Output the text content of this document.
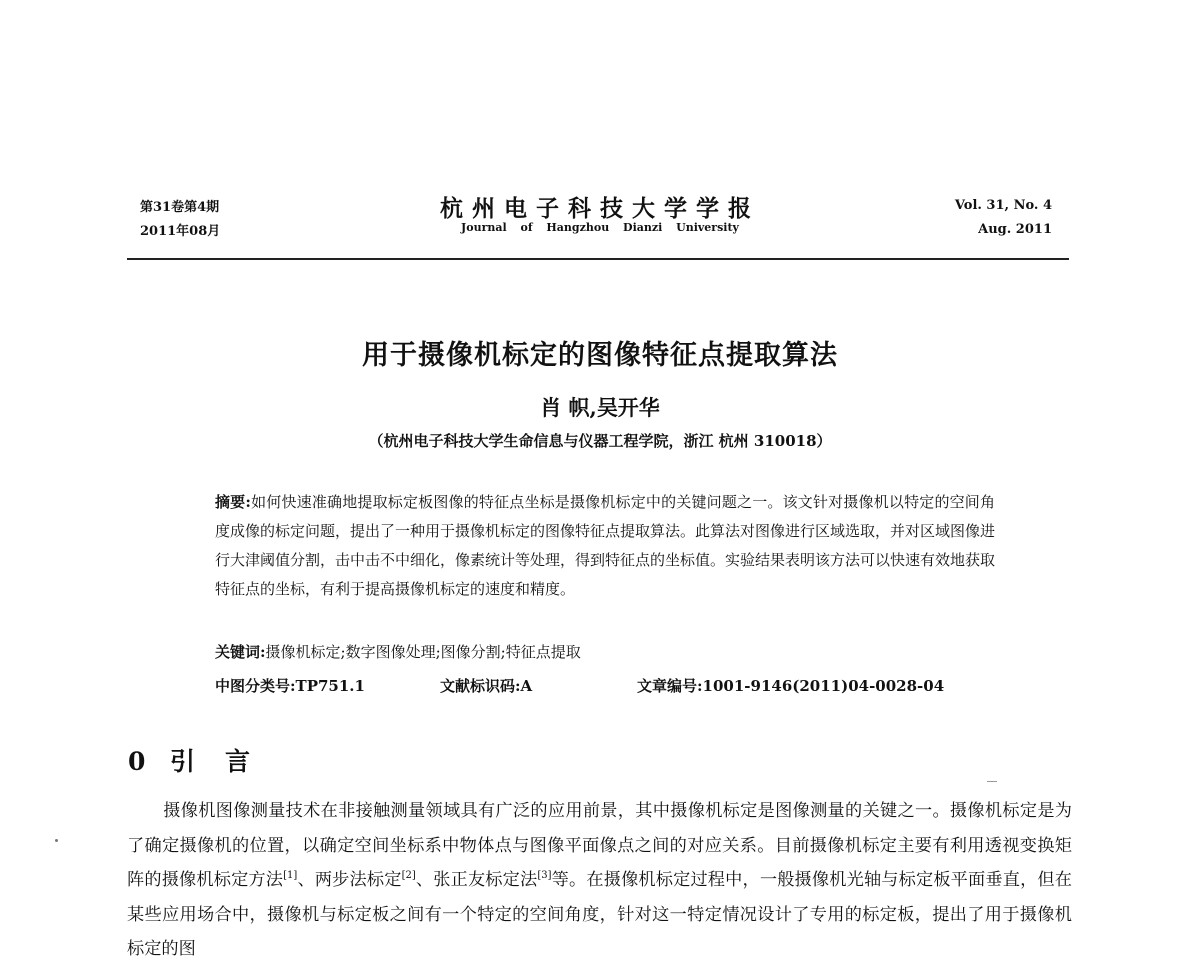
第31卷第4期
2011年08月
杭州电子科技大学学报
Journal of Hangzhou Dianzi University
Vol. 31, No. 4
Aug. 2011
用于摄像机标定的图像特征点提取算法
肖 帜,吴开华
（杭州电子科技大学生命信息与仪器工程学院，浙江 杭州 310018）
摘要:如何快速准确地提取标定板图像的特征点坐标是摄像机标定中的关键问题之一。该文针对摄像机以特定的空间角度成像的标定问题，提出了一种用于摄像机标定的图像特征点提取算法。此算法对图像进行区域选取，并对区域图像进行大津阈值分割，击中击不中细化，像素统计等处理，得到特征点的坐标值。实验结果表明该方法可以快速有效地获取特征点的坐标，有利于提高摄像机标定的速度和精度。
关键词:摄像机标定;数字图像处理;图像分割;特征点提取
中图分类号:TP751.1	文献标识码:A	文章编号:1001-9146(2011)04-0028-04
0 引 言
摄像机图像测量技术在非接触测量领域具有广泛的应用前景，其中摄像机标定是图像测量的关键之一。摄像机标定是为了确定摄像机的位置，以确定空间坐标系中物体点与图像平面像点之间的对应关系。目前摄像机标定主要有利用透视变换矩阵的摄像机标定方法[1]、两步法标定[2]、张正友标定法[3]等。在摄像机标定过程中，一般摄像机光轴与标定板平面垂直，但在某些应用场合中，摄像机与标定板之间有一个特定的空间角度，针对这一特定情况设计了专用的标定板，提出了用于摄像机标定的图
